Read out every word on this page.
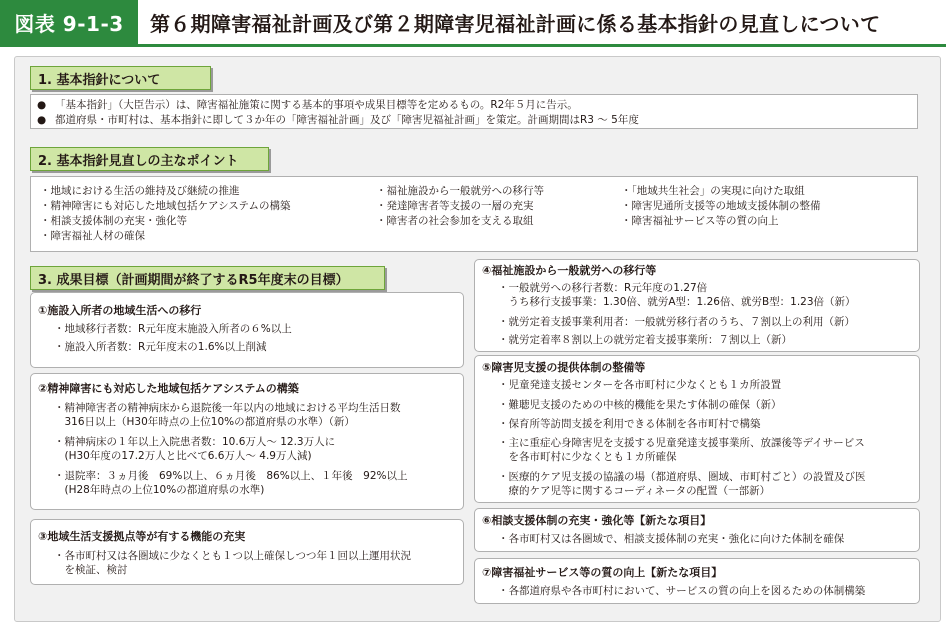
図表 9-1-3	第６期障害福祉計画及び第２期障害児福祉計画に係る基本指針の見直しについて
1. 基本指針について
● 「基本指針」（大臣告示）は、障害福祉施策に関する基本的事項や成果目標等を定めるもの。R2年５月に告示。
● 都道府県・市町村は、基本指針に即して３か年の「障害福祉計画」及び「障害児福祉計画」を策定。計画期間はR3 ～ 5年度
2. 基本指針見直しの主なポイント
・地域における生活の維持及び継続の推進
・精神障害にも対応した地域包括ケアシステムの構築
・相談支援体制の充実・強化等
・障害福祉人材の確保
・福祉施設から一般就労への移行等
・発達障害者等支援の一層の充実
・障害者の社会参加を支える取組
・「地域共生社会」の実現に向けた取組
・障害児通所支援等の地域支援体制の整備
・障害福祉サービス等の質の向上
3. 成果目標（計画期間が終了するR5年度末の目標）
①施設入所者の地域生活への移行
・地域移行者数：R元年度末施設入所者の６%以上
・施設入所者数：R元年度末の1.6%以上削減
②精神障害にも対応した地域包括ケアシステムの構築
・精神障害者の精神病床から退院後一年以内の地域における平均生活日数
　316日以上（H30年時点の上位10%の都道府県の水準）（新）
・精神病床の１年以上入院患者数：10.6万人～ 12.3万人に
　(H30年度の17.2万人と比べて6.6万人～ 4.9万人減)
・退院率：３ヵ月後　69%以上、６ヵ月後　86%以上、１年後　92%以上
　(H28年時点の上位10%の都道府県の水準)
③地域生活支援拠点等が有する機能の充実
・各市町村又は各圏域に少なくとも１つ以上確保しつつ年１回以上運用状況
　を検証、検討
④福祉施設から一般就労への移行等
・一般就労への移行者数：R元年度の1.27倍
　うち移行支援事業：1.30倍、就労A型：1.26倍、就労B型：1.23倍（新）
・就労定着支援事業利用者：一般就労移行者のうち、７割以上の利用（新）
・就労定着率８割以上の就労定着支援事業所：７割以上（新）
⑤障害児支援の提供体制の整備等
・児童発達支援センターを各市町村に少なくとも１カ所設置
・難聴児支援のための中核的機能を果たす体制の確保（新）
・保育所等訪問支援を利用できる体制を各市町村で構築
・主に重症心身障害児を支援する児童発達支援事業所、放課後等デイサービス
　を各市町村に少なくとも１カ所確保
・医療的ケア児支援の協議の場（都道府県、圏域、市町村ごと）の設置及び医
　療的ケア児等に関するコーディネータの配置（一部新）
⑥相談支援体制の充実・強化等【新たな項目】
・各市町村又は各圏域で、相談支援体制の充実・強化に向けた体制を確保
⑦障害福祉サービス等の質の向上【新たな項目】
・各都道府県や各市町村において、サービスの質の向上を図るための体制構築
